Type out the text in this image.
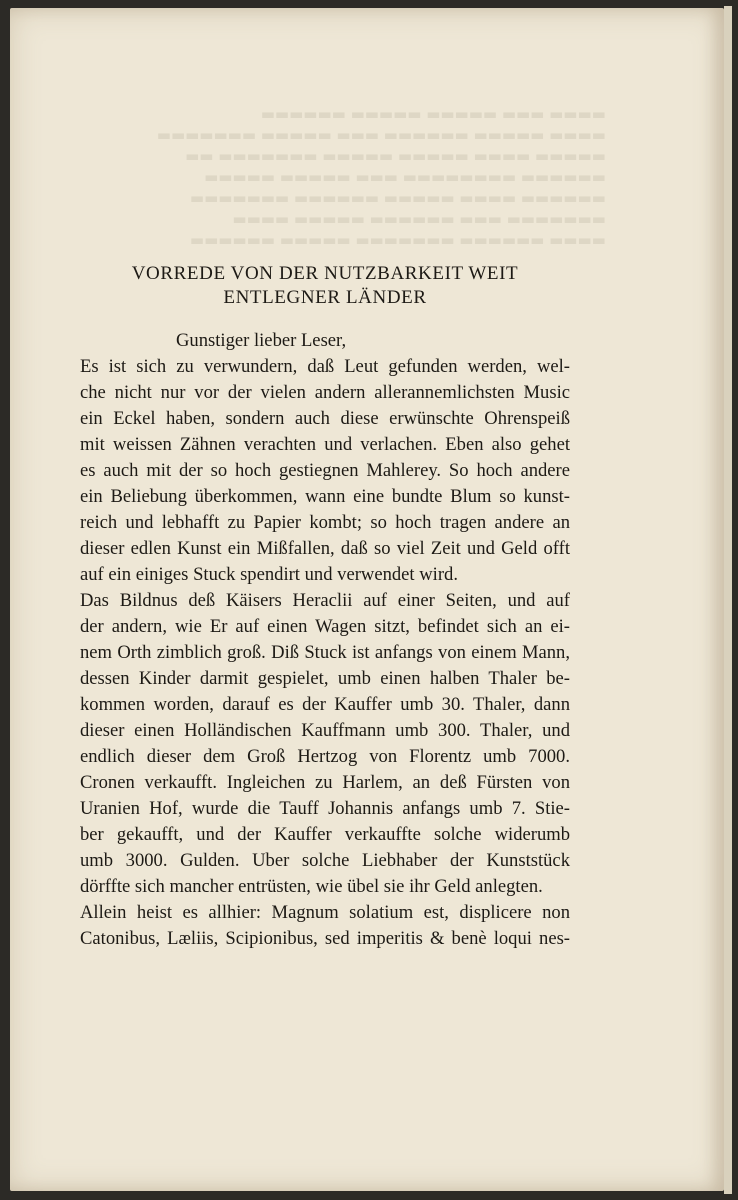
▬▬▬▬ ▬▬▬ ▬▬▬▬▬ ▬▬▬▬▬ ▬▬▬▬▬▬
▬▬▬▬ ▬▬▬▬▬ ▬▬▬▬▬▬ ▬▬▬ ▬▬▬▬▬ ▬▬▬▬▬▬▬
▬▬▬▬▬ ▬▬▬▬ ▬▬▬▬▬ ▬▬▬▬▬ ▬▬▬▬▬▬▬ ▬▬
▬▬▬▬▬▬ ▬▬▬▬▬▬▬▬ ▬▬▬ ▬▬▬▬▬ ▬▬▬▬▬
▬▬▬▬▬▬ ▬▬▬▬ ▬▬▬▬▬ ▬▬▬▬▬▬ ▬▬▬▬▬▬▬
▬▬▬▬▬▬▬ ▬▬▬ ▬▬▬▬▬▬ ▬▬▬▬▬ ▬▬▬▬
▬▬▬▬ ▬▬▬▬▬▬ ▬▬▬▬▬▬▬ ▬▬▬▬▬ ▬▬▬▬▬▬
VORREDE VON DER NUTZBARKEIT WEIT
ENTLEGNER LÄNDER

Gunstiger lieber Leser,

Es ist sich zu verwundern, daß Leut gefunden werden, wel-
che nicht nur vor der vielen andern allerannemlichsten Music
ein Eckel haben, sondern auch diese erwünschte Ohrenspeiß
mit weissen Zähnen verachten und verlachen. Eben also gehet
es auch mit der so hoch gestiegnen Mahlerey. So hoch andere
ein Beliebung überkommen, wann eine bundte Blum so kunst-
reich und lebhafft zu Papier kombt; so hoch tragen andere an
dieser edlen Kunst ein Mißfallen, daß so viel Zeit und Geld offt
auf ein einiges Stuck spendirt und verwendet wird.
Das Bildnus deß Käisers Heraclii auf einer Seiten, und auf
der andern, wie Er auf einen Wagen sitzt, befindet sich an ei-
nem Orth zimblich groß. Diß Stuck ist anfangs von einem Mann,
dessen Kinder darmit gespielet, umb einen halben Thaler be-
kommen worden, darauf es der Kauffer umb 30. Thaler, dann
dieser einen Holländischen Kauffmann umb 300. Thaler, und
endlich dieser dem Groß Hertzog von Florentz umb 7000.
Cronen verkaufft. Ingleichen zu Harlem, an deß Fürsten von
Uranien Hof, wurde die Tauff Johannis anfangs umb 7. Stie-
ber gekaufft, und der Kauffer verkauffte solche widerumb
umb 3000. Gulden. Uber solche Liebhaber der Kunststück
dörffte sich mancher entrüsten, wie übel sie ihr Geld anlegten.
Allein heist es allhier: Magnum solatium est, displicere non
Catonibus, Læliis, Scipionibus, sed imperitis & benè loqui nes-
